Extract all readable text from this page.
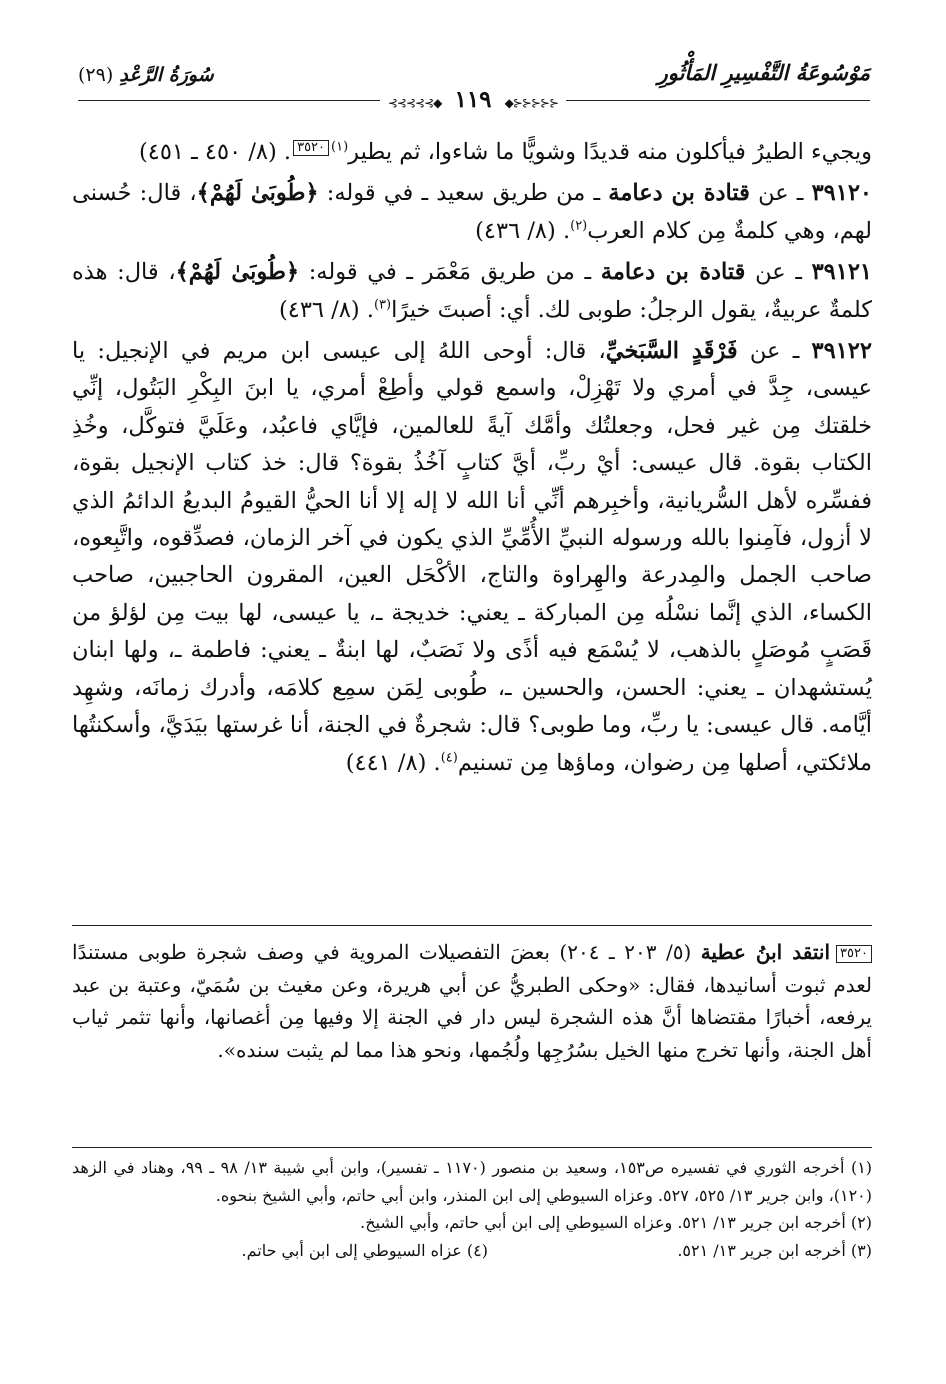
مَوْسُوعَةُ التَّفْسِيرِ المَأْثُورِ
سُورَةُ الرَّعْدِ (٢٩)
⊰⊰⊰⊰⊰◆ ١١٩ ◆⊱⊱⊱⊱⊱

ويجيء الطيرُ فيأكلون منه قديدًا وشويًّا ما شاءوا، ثم يطير$^{(١)}$٣٥٢٠. (٨/ ٤٥٠ ـ ٤٥١)

٣٩١٢٠ ـ عن قتادة بن دعامة ـ من طريق سعيد ـ في قوله: ﴿طُوبَىٰ لَهُمْ﴾، قال: حُسنى لهم، وهي كلمةٌ مِن كلام العرب$^{(٢)}$. (٨/ ٤٣٦)

٣٩١٢١ ـ عن قتادة بن دعامة ـ من طريق مَعْمَر ـ في قوله: ﴿طُوبَىٰ لَهُمْ﴾، قال: هذه كلمةٌ عربيةٌ، يقول الرجلُ: طوبى لك. أي: أصبتَ خيرًا$^{(٣)}$. (٨/ ٤٣٦)

٣٩١٢٢ ـ عن فَرْقَدٍ السَّبَخيِّ، قال: أوحى اللهُ إلى عيسى ابن مريم في الإنجيل: يا عيسى، جِدَّ في أمري ولا تَهْزِلْ، واسمع قولي وأطِعْ أمري، يا ابنَ البِكْرِ البَتُول، إنِّي خلقتك مِن غير فحل، وجعلتُك وأمَّك آيةً للعالمين، فإيَّاي فاعبُد، وعَلَيَّ فتوكَّل، وخُذِ الكتاب بقوة. قال عيسى: أيْ ربِّ، أيَّ كتابٍ آخُذُ بقوة؟ قال: خذ كتاب الإنجيل بقوة، ففسِّره لأهل السُّريانية، وأخبِرهم أنِّي أنا الله لا إله إلا أنا الحيُّ القيومُ البديعُ الدائمُ الذي لا أزول، فآمِنوا بالله ورسوله النبيِّ الأُمِّيِّ الذي يكون في آخر الزمان، فصدِّقوه، واتَّبِعوه، صاحب الجمل والمِدرعة والهِراوة والتاج، الأكْحَل العين، المقرون الحاجبين، صاحب الكساء، الذي إنَّما نسْلُه مِن المباركة ـ يعني: خديجة ـ، يا عيسى، لها بيت مِن لؤلؤ من قَصَبٍ مُوصَلٍ بالذهب، لا يُسْمَع فيه أذًى ولا نَصَبٌ، لها ابنةٌ ـ يعني: فاطمة ـ، ولها ابنان يُستشهدان ـ يعني: الحسن، والحسين ـ، طُوبى لِمَن سمِع كلامَه، وأدرك زمانَه، وشهِد أيَّامه. قال عيسى: يا ربِّ، وما طوبى؟ قال: شجرةٌ في الجنة، أنا غرستها بيَدَيَّ، وأسكنتُها ملائكتي، أصلها مِن رضوان، وماؤها مِن تسنيم$^{(٤)}$. (٨/ ٤٤١)

٣٥٢٠انتقد ابنُ عطية (٥/ ٢٠٣ ـ ٢٠٤) بعضَ التفصيلات المروية في وصف شجرة طوبى مستندًا لعدم ثبوت أسانيدها، فقال: «وحكى الطبريُّ عن أبي هريرة، وعن مغيث بن سُمَيّ، وعتبة بن عبد يرفعه، أخبارًا مقتضاها أنَّ هذه الشجرة ليس دار في الجنة إلا وفيها مِن أغصانها، وأنها تثمر ثياب أهل الجنة، وأنها تخرج منها الخيل بسُرُجِها ولُجُمها، ونحو هذا مما لم يثبت سنده».

(١) أخرجه الثوري في تفسيره ص١٥٣، وسعيد بن منصور (١١٧٠ ـ تفسير)، وابن أبي شيبة ١٣/ ٩٨ ـ ٩٩، وهناد في الزهد (١٢٠)، وابن جرير ١٣/ ٥٢٥، ٥٢٧. وعزاه السيوطي إلى ابن المنذر، وابن أبي حاتم، وأبي الشيخ بنحوه.

(٢) أخرجه ابن جرير ١٣/ ٥٢١. وعزاه السيوطي إلى ابن أبي حاتم، وأبي الشيخ.

(٣) أخرجه ابن جرير ١٣/ ٥٢١.
(٤) عزاه السيوطي إلى ابن أبي حاتم.
